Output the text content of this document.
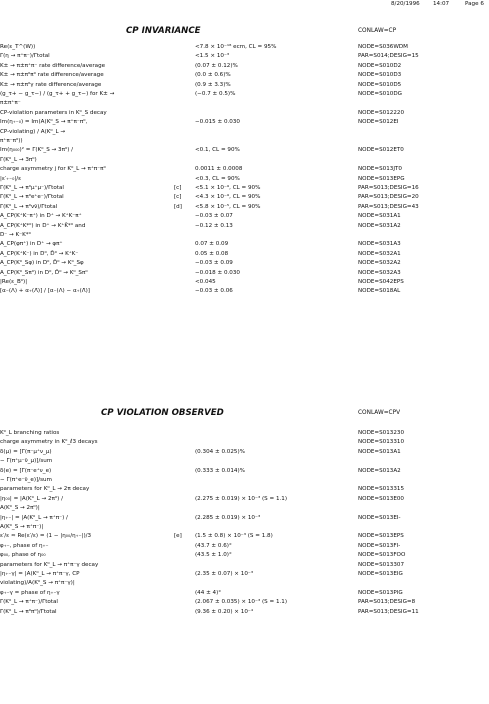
8/20/1996 14:07	Page 6
CP INVARIANCE	CONLAW=CP
Re(ε_T^(W))	<7.8 × 10⁻¹⁸ ecm, CL = 95%	NODE=S036WDM
Γ(η → π⁺π⁻)/Γtotal	<1.5 × 10⁻³	PAR=S014;DESIG=15
K± → π±π⁺π⁻ rate difference/average	(0.07 ± 0.12)%	NODE=S010D2
K± → π±π⁰π⁰ rate difference/average	(0.0 ± 0.6)%	NODE=S010D3
K± → π±π⁰γ rate difference/average	(0.9 ± 3.3)%	NODE=S010D5
(g_τ+ − g_τ−) / (g_τ+ + g_τ−) for K± →	(−0.7 ± 0.5)%	NODE=S010DG
π±π⁺π⁻
CP-violation parameters in K⁰_S decay	NODE=S012220
Im(η₊₋₀) = Im(A(K⁰_S → π⁺π⁻π⁰,	−0.015 ± 0.030	NODE=S012EI
CP-violating) / A(K⁰_L →
π⁺π⁻π⁰))
Im(η₀₀₀)² = Γ(K⁰_S → 3π⁰) /	<0.1, CL = 90%	NODE=S012ET0
Γ(K⁰_L → 3π⁰)
charge asymmetry j for K⁰_L → π⁺π⁻π⁰	0.0011 ± 0.0008	NODE=S013JT0
|ε′₊₋₀|/ε	<0.3, CL = 90%	NODE=S013EPG
Γ(K⁰_L → π⁰μ⁺μ⁻)/Γtotal	[c] <5.1 × 10⁻⁹, CL = 90%	PAR=S013;DESIG=16
Γ(K⁰_L → π⁰e⁺e⁻)/Γtotal	[c] <4.3 × 10⁻⁹, CL = 90%	PAR=S013;DESIG=20
Γ(K⁰_L → π⁰νν̄)/Γtotal	[d] <5.8 × 10⁻⁵, CL = 90%	PAR=S013;DESIG=43
A_CP(K⁺K⁻π⁺) in D⁺ → K⁺K⁻π⁺	−0.03 ± 0.07	NODE=S031A1
A_CP(K⁺K*⁰) in D⁺ → K⁺K̄*⁰ and	−0.12 ± 0.13	NODE=S031A2
D⁻ → K⁻K*⁰
A_CP(φπ⁺) in D⁺ → φπ⁺	0.07 ± 0.09	NODE=S031A3
A_CP(K⁺K⁻) in D⁰, D̄⁰ → K⁺K⁻	0.05 ± 0.08	NODE=S032A1
A_CP(K⁰_Sφ) in D⁰, D̄⁰ → K⁰_Sφ	−0.03 ± 0.09	NODE=S032A2
A_CP(K⁰_Sπ⁰) in D⁰, D̄⁰ → K⁰_Sπ⁰	−0.018 ± 0.030	NODE=S032A3
|Re(ε_B⁰)|	<0.045	NODE=S042EPS
[α₋(Λ) + α₊(Λ̄)] / [α₋(Λ) − α₊(Λ̄)]	−0.03 ± 0.06	NODE=S018AL
CP VIOLATION OBSERVED	CONLAW=CPV
K⁰_L branching ratios	NODE=S013230
charge asymmetry in K⁰_ℓ3 decays	NODE=S013310
δ(μ) = [Γ(π⁻μ⁺ν_μ)	(0.304 ± 0.025)%	NODE=S013A1
− Γ(π⁺μ⁻ν̄_μ)]/sum
δ(e) = [Γ(π⁻e⁺ν_e)	(0.333 ± 0.014)%	NODE=S013A2
− Γ(π⁺e⁻ν̄_e)]/sum
parameters for K⁰_L → 2π decay	NODE=S013315
|η₀₀| = |A(K⁰_L → 2π⁰) /	(2.275 ± 0.019) × 10⁻³ (S = 1.1)	NODE=S013E00
A(K⁰_S → 2π⁰)|
|η₊₋| = |A(K⁰_L → π⁺π⁻) /	(2.285 ± 0.019) × 10⁻³	NODE=S013EI-
A(K⁰_S → π⁺π⁻)|
ε′/ε ≈ Re(ε′/ε) = (1 − |η₀₀/η₊₋|)/3	[e] (1.5 ± 0.8) × 10⁻³ (S = 1.8)	NODE=S013EPS
φ₊₋, phase of η₊₋	(43.7 ± 0.6)°	NODE=S013FI-
φ₀₀, phase of η₀₀	(43.5 ± 1.0)°	NODE=S013FOO
parameters for K⁰_L → π⁺π⁻γ decay	NODE=S013307
|η₊₋γ| = |A(K⁰_L → π⁺π⁻γ, CP	(2.35 ± 0.07) × 10⁻³	NODE=S013EIG
violating)/A(K⁰_S → π⁺π⁻γ)|
φ₊₋γ = phase of η₊₋γ	(44 ± 4)°	NODE=S013PIG
Γ(K⁰_L → π⁺π⁻)/Γtotal	(2.067 ± 0.035) × 10⁻³ (S = 1.1)	PAR=S013;DESIG=8
Γ(K⁰_L → π⁰π⁰)/Γtotal	(9.36 ± 0.20) × 10⁻⁴	PAR=S013;DESIG=11
